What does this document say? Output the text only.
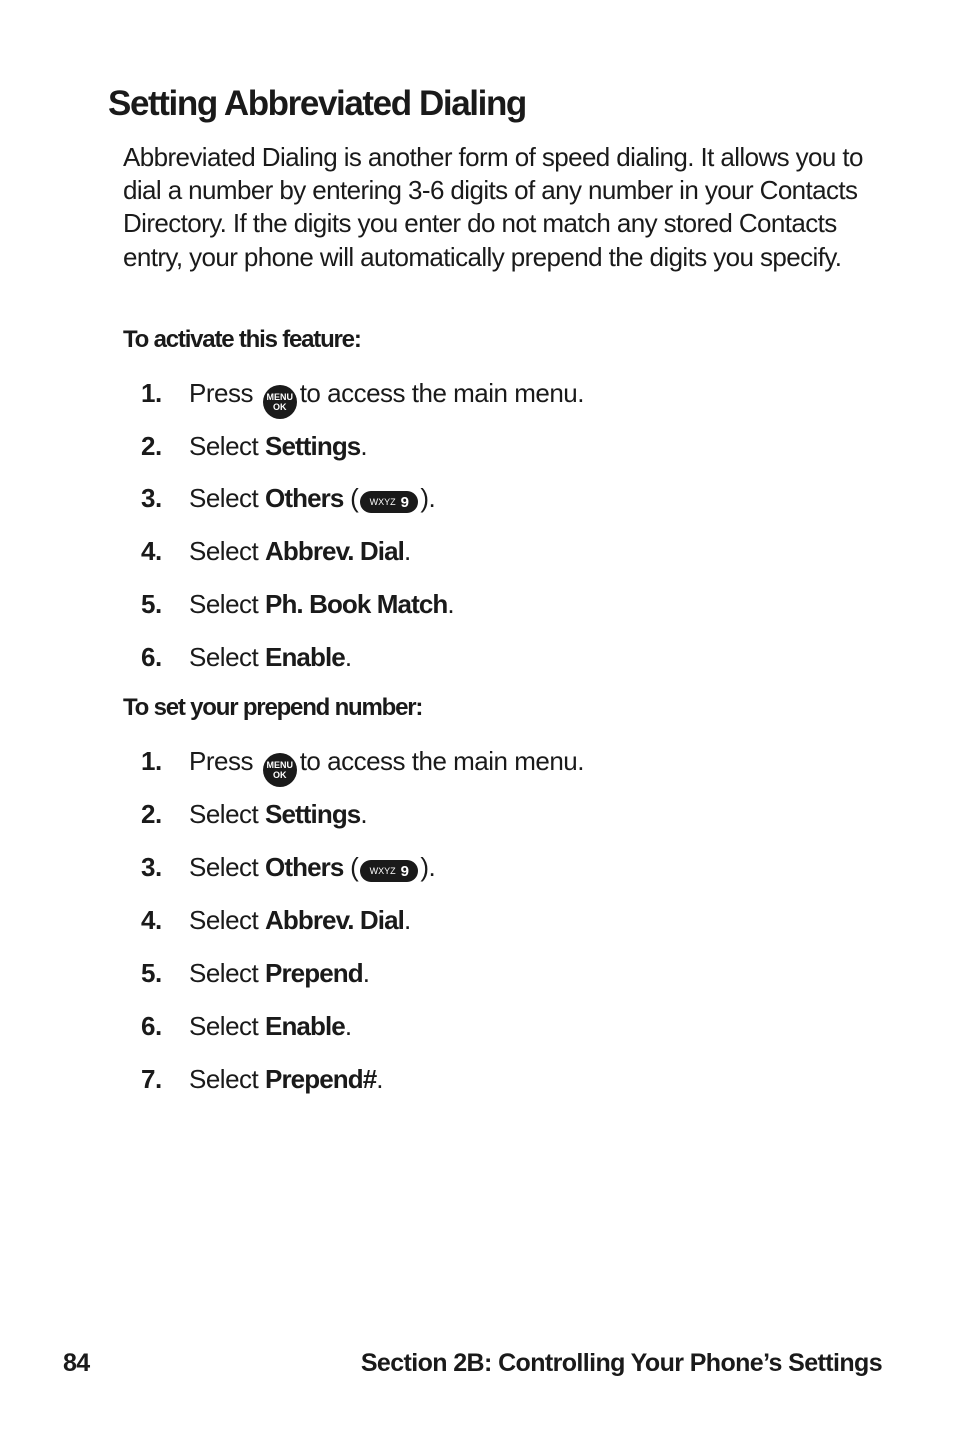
Setting Abbreviated Dialing

Abbreviated Dialing is another form of speed dialing. It allows you to dial a number by entering 3-6 digits of any number in your Contacts Directory. If the digits you enter do not match any stored Contacts entry, your phone will automatically prepend the digits you specify.

To activate this feature:

1. Press	MENU
OK to access the main menu.
2. Select Settings.
3. Select Others ( WXYZ 9 ).
4. Select Abbrev. Dial.
5. Select Ph. Book Match.
6. Select Enable.

To set your prepend number:

1. Press	MENU
OK to access the main menu.
2. Select Settings.
3. Select Others ( WXYZ 9 ).
4. Select Abbrev. Dial.
5. Select Prepend.
6. Select Enable.
7. Select Prepend#.
84	Section 2B: Controlling Your Phone’s Settings
